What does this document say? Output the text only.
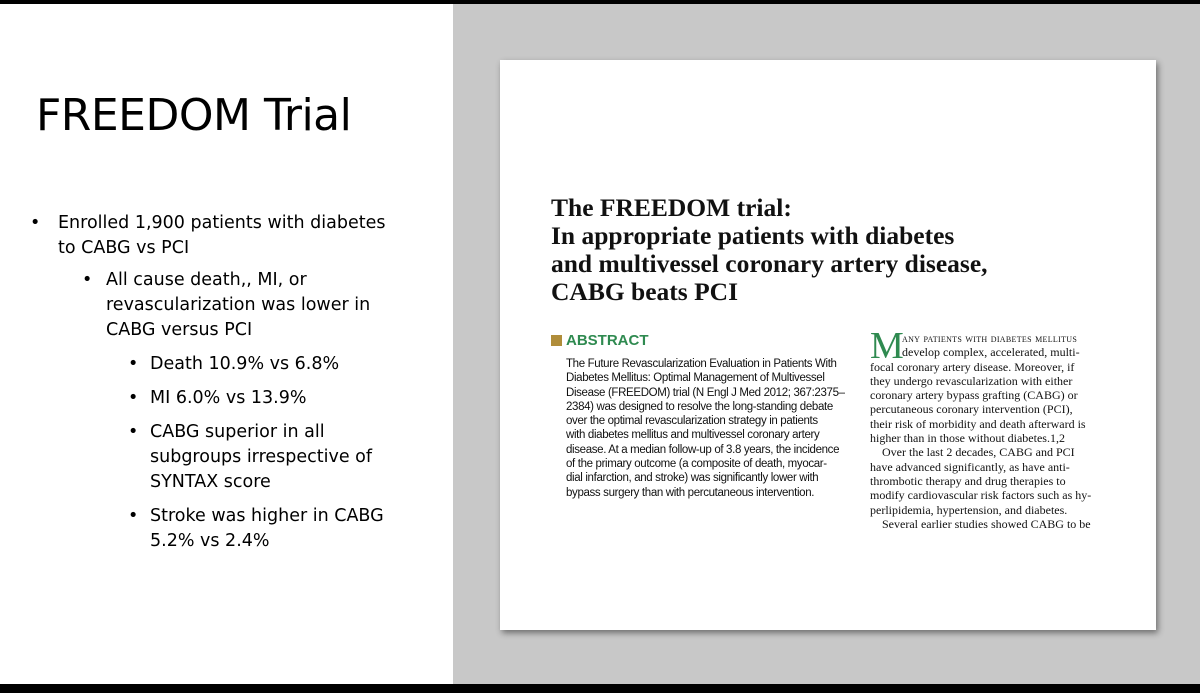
FREEDOM Trial
• Enrolled 1,900 patients with diabetes
to CABG vs PCI
• All cause death,, MI, or
revascularization was lower in
CABG versus PCI
• Death 10.9% vs 6.8%
• MI 6.0% vs 13.9%
• CABG superior in all
subgroups irrespective of
SYNTAX score
• Stroke was higher in CABG
5.2% vs 2.4%
The FREEDOM trial:
In appropriate patients with diabetes
and multivessel coronary artery disease,
CABG beats PCI
ABSTRACT
The Future Revascularization Evaluation in Patients With
Diabetes Mellitus: Optimal Management of Multivessel
Disease (FREEDOM) trial (N Engl J Med 2012; 367:2375–
2384) was designed to resolve the long-standing debate
over the optimal revascularization strategy in patients
with diabetes mellitus and multivessel coronary artery
disease. At a median follow-up of 3.8 years, the incidence
of the primary outcome (a composite of death, myocar-
dial infarction, and stroke) was significantly lower with
bypass surgery than with percutaneous intervention.
M
any patients with diabetes mellitus
develop complex, accelerated, multi-
focal coronary artery disease. Moreover, if
they undergo revascularization with either
coronary artery bypass grafting (CABG) or
percutaneous coronary intervention (PCI),
their risk of morbidity and death afterward is
higher than in those without diabetes.1,2
Over the last 2 decades, CABG and PCI
have advanced significantly, as have anti-
thrombotic therapy and drug therapies to
modify cardiovascular risk factors such as hy-
perlipidemia, hypertension, and diabetes.
Several earlier studies showed CABG to be
